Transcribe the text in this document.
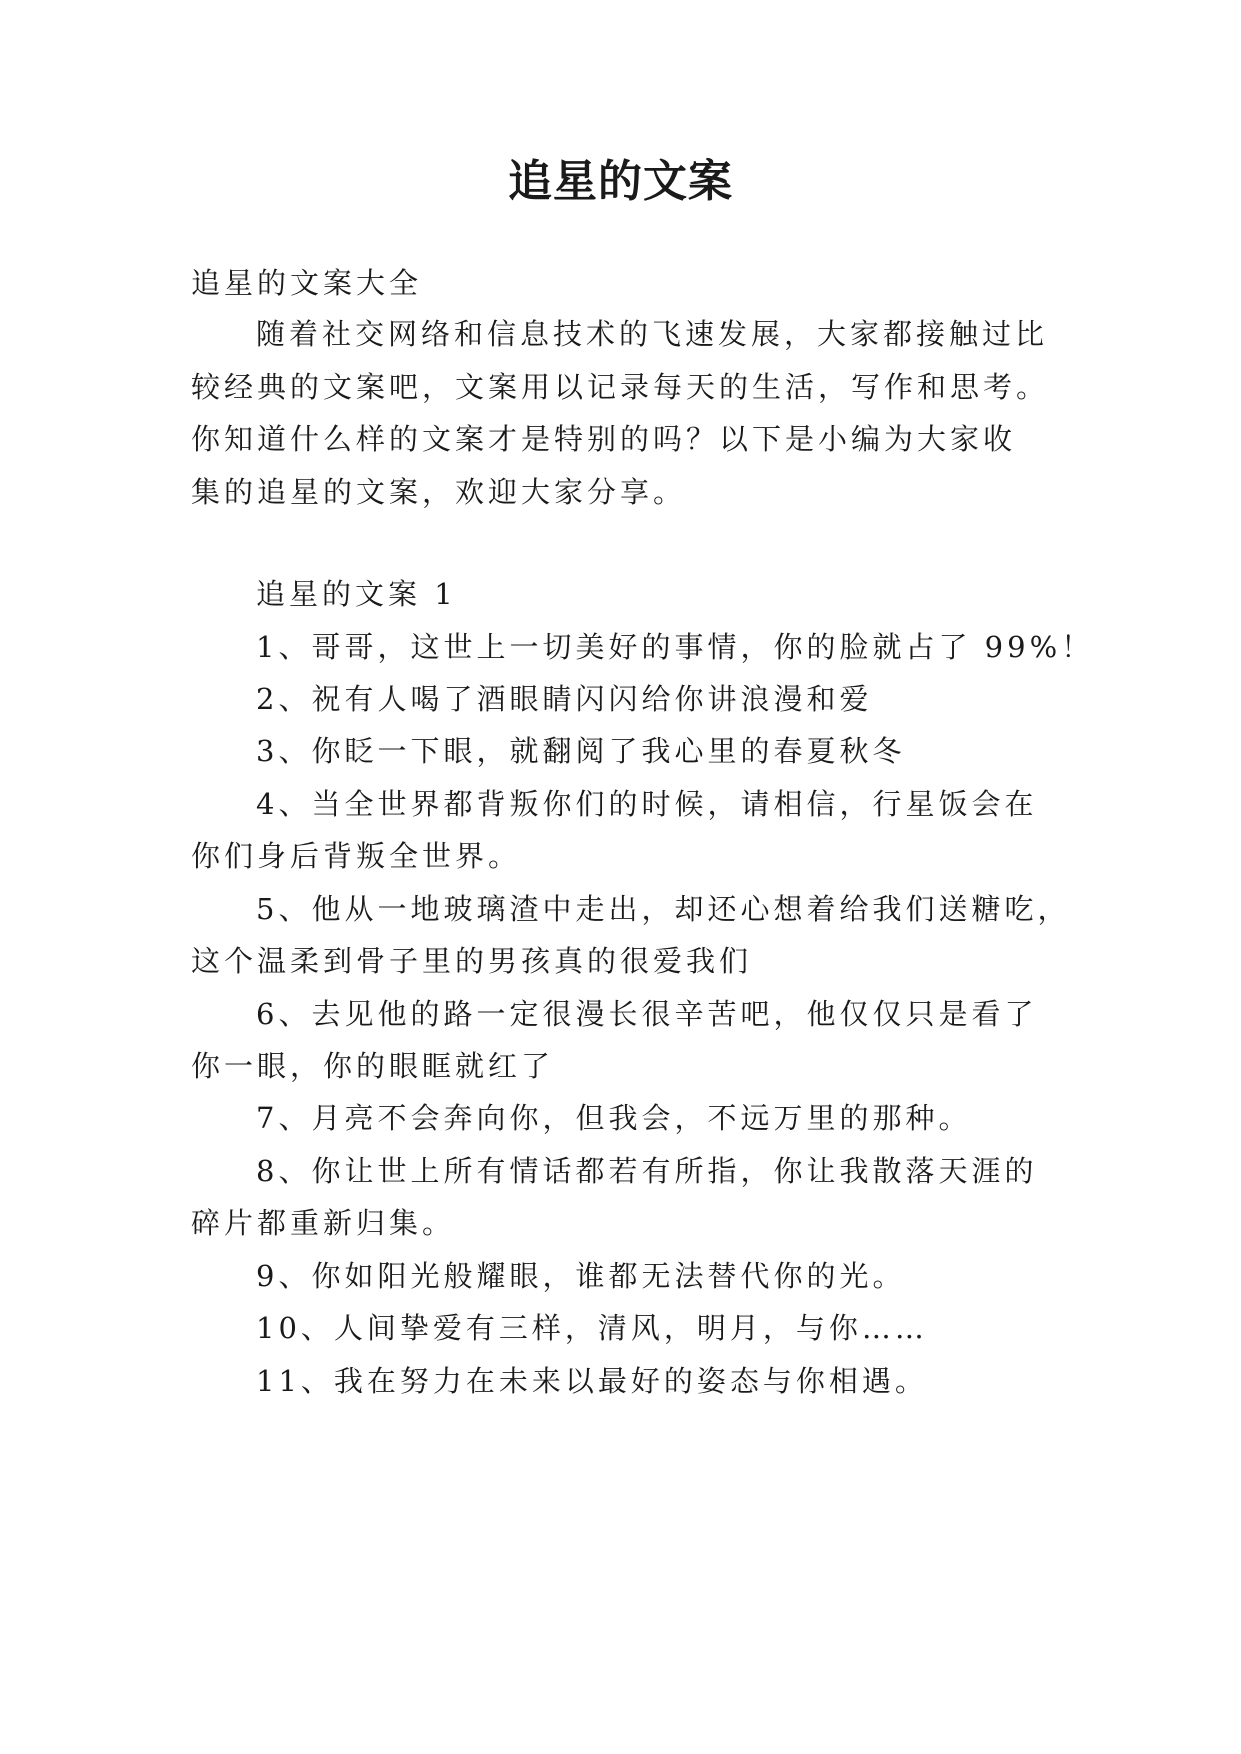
追星的文案

追星的文案大全

随着社交网络和信息技术的飞速发展，大家都接触过比

较经典的文案吧，文案用以记录每天的生活，写作和思考。

你知道什么样的文案才是特别的吗？以下是小编为大家收

集的追星的文案，欢迎大家分享。

追星的文案 1

1、哥哥，这世上一切美好的事情，你的脸就占了 99%！

2、祝有人喝了酒眼睛闪闪给你讲浪漫和爱

3、你眨一下眼，就翻阅了我心里的春夏秋冬

4、当全世界都背叛你们的时候，请相信，行星饭会在

你们身后背叛全世界。

5、他从一地玻璃渣中走出，却还心想着给我们送糖吃，

这个温柔到骨子里的男孩真的很爱我们

6、去见他的路一定很漫长很辛苦吧，他仅仅只是看了

你一眼，你的眼眶就红了

7、月亮不会奔向你，但我会，不远万里的那种。

8、你让世上所有情话都若有所指，你让我散落天涯的

碎片都重新归集。

9、你如阳光般耀眼，谁都无法替代你的光。

10、人间挚爱有三样，清风，明月，与你……

11、我在努力在未来以最好的姿态与你相遇。
